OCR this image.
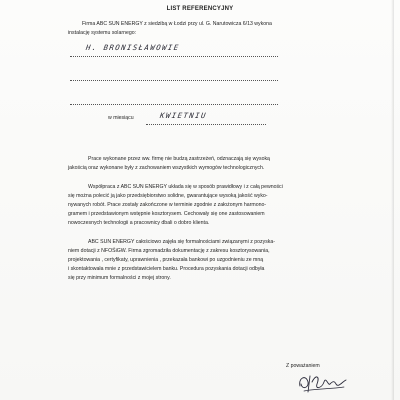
LIST REFERENCYJNY
Firma ABC SUN ENERGY z siedzibą w Łodzi przy ul. G. Narutowicza 6/13 wykona
instalację systemu solarnego:
H. BRONISŁAWOWIE
w miesiącu	KWIETNIU
Prace wykonane przez ww. firmę nie budzą zastrzeżeń, odznaczają się wysoką
jakością oraz wykonane były z zachowaniem wszystkich wymogów technologicznych.
Współpraca z ABC SUN ENERGY układa się w sposób prawidłowy i z całą pewności
się można polecić ją jako przedsiębiorstwo solidne, gwarantujące wysoką jakość wyko-
nywanych robót. Prace zostały zakończone w terminie zgodnie z założonym harmono-
gramem i przedstawionym wstępnie kosztorysem. Cechowały się one zastosowaniem
nowoczesnych technologii a pracownicy dbali o dobro klienta.
ABC SUN ENERGY całościowo zajęła się formalnościami związanymi z pozyska-
niem dotacji z NFOŚiGW. Firma zgromadziła dokumentację z zakresu kosztorysowania,
projektowania , certyfikaty, uprawnienia , przekazała bankowi po uzgodnieniu ze mną
i skontaktowała mnie z przedstawicielem banku. Procedura pozyskania dotacji odbyła
się przy minimum formalności z mojej strony.
Z poważaniem
